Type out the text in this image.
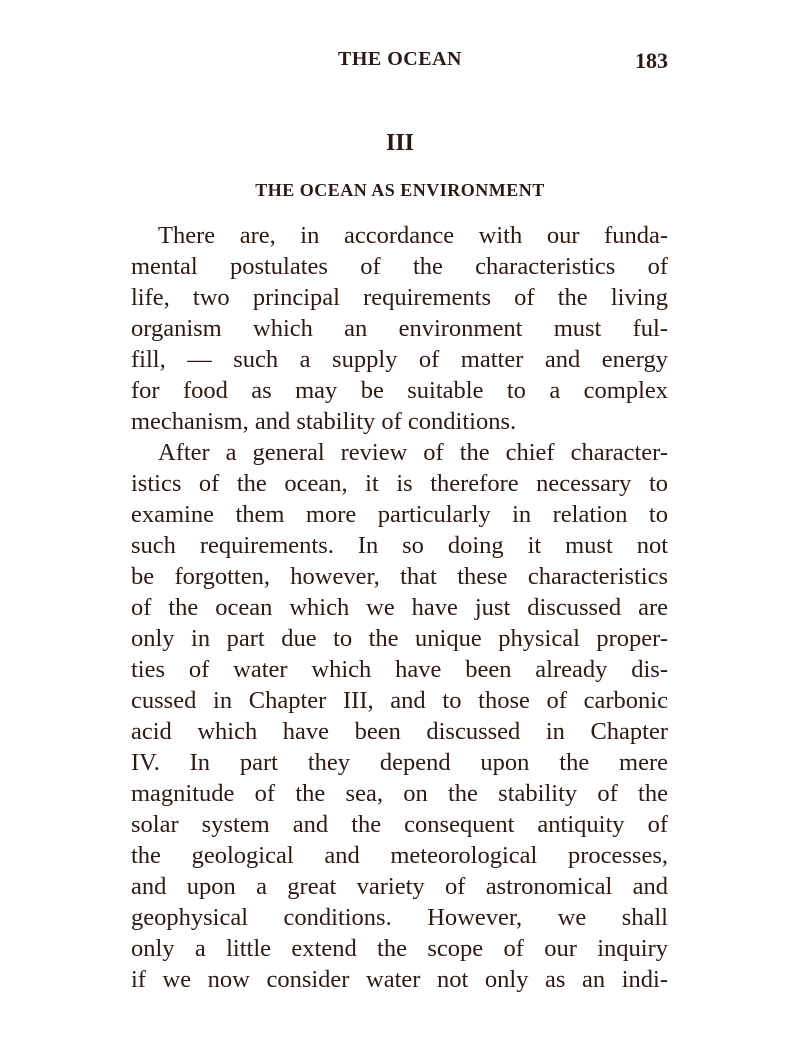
THE OCEAN	183
III
THE OCEAN AS ENVIRONMENT
There are, in accordance with our funda-
mental postulates of the characteristics of
life, two principal requirements of the living
organism which an environment must ful-
fill, — such a supply of matter and energy
for food as may be suitable to a complex
mechanism, and stability of conditions.
After a general review of the chief character-
istics of the ocean, it is therefore necessary to
examine them more particularly in relation to
such requirements. In so doing it must not
be forgotten, however, that these characteristics
of the ocean which we have just discussed are
only in part due to the unique physical proper-
ties of water which have been already dis-
cussed in Chapter III, and to those of carbonic
acid which have been discussed in Chapter
IV. In part they depend upon the mere
magnitude of the sea, on the stability of the
solar system and the consequent antiquity of
the geological and meteorological processes,
and upon a great variety of astronomical and
geophysical conditions. However, we shall
only a little extend the scope of our inquiry
if we now consider water not only as an indi-
